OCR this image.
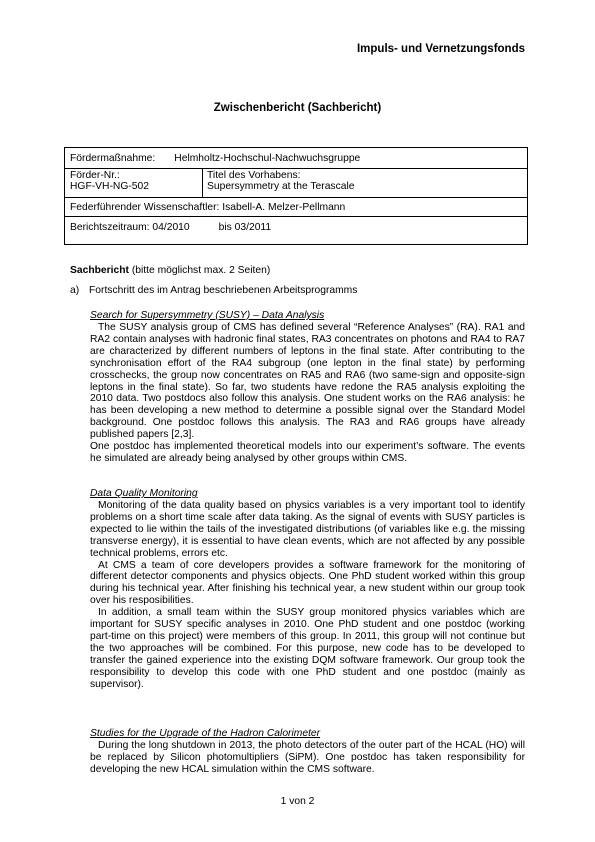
Impuls- und Vernetzungsfonds
Zwischenbericht (Sachbericht)
Fördermaßnahme: Helmholtz-Hochschul-Nachwuchsgruppe
Förder-Nr.:
HGF-VH-NG-502
Titel des Vorhabens:
Supersymmetry at the Terascale
Federführender Wissenschaftler: Isabell-A. Melzer-Pellmann
Berichtszeitraum: 04/2010	bis 03/2011
Sachbericht (bitte möglichst max. 2 Seiten)
a) Fortschritt des im Antrag beschriebenen Arbeitsprogramms
Search for Supersymmetry (SUSY) – Data Analysis

The SUSY analysis group of CMS has defined several “Reference Analyses” (RA). RA1 and RA2 contain analyses with hadronic final states, RA3 concentrates on photons and RA4 to RA7 are characterized by different numbers of leptons in the final state. After contributing to the synchronisation effort of the RA4 subgroup (one lepton in the final state) by performing crosschecks, the group now concentrates on RA5 and RA6 (two same-sign and opposite-sign leptons in the final state). So far, two students have redone the RA5 analysis exploiting the 2010 data. Two postdocs also follow this analysis. One student works on the RA6 analysis: he has been developing a new method to determine a possible signal over the Standard Model background. One postdoc follows this analysis. The RA3 and RA6 groups have already published papers [2,3].

One postdoc has implemented theoretical models into our experiment’s software. The events he simulated are already being analysed by other groups within CMS.

Data Quality Monitoring

Monitoring of the data quality based on physics variables is a very important tool to identify problems on a short time scale after data taking. As the signal of events with SUSY particles is expected to lie within the tails of the investigated distributions (of variables like e.g. the missing transverse energy), it is essential to have clean events, which are not affected by any possible technical problems, errors etc.

At CMS a team of core developers provides a software framework for the monitoring of different detector components and physics objects. One PhD student worked within this group during his technical year. After finishing his technical year, a new student within our group took over his resposibilities.

In addition, a small team within the SUSY group monitored physics variables which are important for SUSY specific analyses in 2010. One PhD student and one postdoc (working part-time on this project) were members of this group. In 2011, this group will not continue but the two approaches will be combined. For this purpose, new code has to be developed to transfer the gained experience into the existing DQM software framework. Our group took the responsibility to develop this code with one PhD student and one postdoc (mainly as supervisor).

Studies for the Upgrade of the Hadron Calorimeter

During the long shutdown in 2013, the photo detectors of the outer part of the HCAL (HO) will be replaced by Silicon photomultipliers (SiPM). One postdoc has taken responsibility for developing the new HCAL simulation within the CMS software.

1 von 2
